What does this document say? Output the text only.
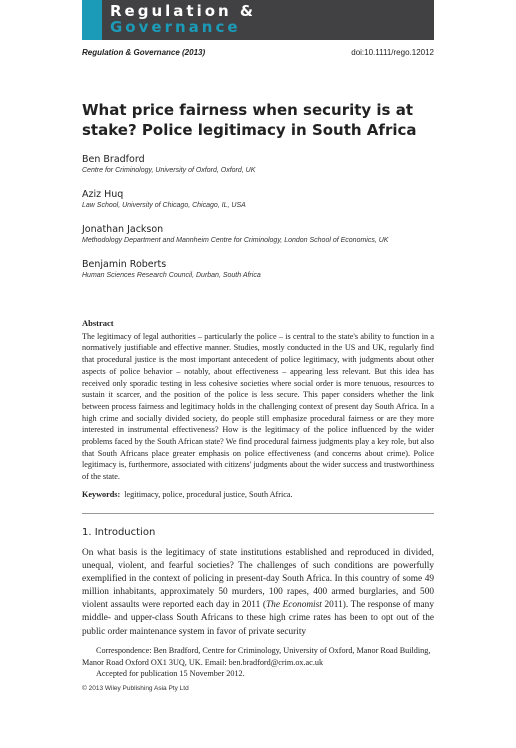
Regulation &
Governance
Regulation & Governance (2013)	doi:10.1111/rego.12012
What price fairness when security is at stake? Police legitimacy in South Africa
Ben Bradford
Centre for Criminology, University of Oxford, Oxford, UK
Aziz Huq
Law School, University of Chicago, Chicago, IL, USA
Jonathan Jackson
Methodology Department and Mannheim Centre for Criminology, London School of Economics, UK
Benjamin Roberts
Human Sciences Research Council, Durban, South Africa
Abstract
The legitimacy of legal authorities – particularly the police – is central to the state's ability to function in a normatively justifiable and effective manner. Studies, mostly conducted in the US and UK, regularly find that procedural justice is the most important antecedent of police legitimacy, with judgments about other aspects of police behavior – notably, about effectiveness – appearing less relevant. But this idea has received only sporadic testing in less cohesive societies where social order is more tenuous, resources to sustain it scarcer, and the position of the police is less secure. This paper considers whether the link between process fairness and legitimacy holds in the challenging context of present day South Africa. In a high crime and socially divided society, do people still emphasize procedural fairness or are they more interested in instrumental effectiveness? How is the legitimacy of the police influenced by the wider problems faced by the South African state? We find procedural fairness judgments play a key role, but also that South Africans place greater emphasis on police effectiveness (and concerns about crime). Police legitimacy is, furthermore, associated with citizens' judgments about the wider success and trustworthiness of the state.
Keywords: legitimacy, police, procedural justice, South Africa.
1. Introduction
On what basis is the legitimacy of state institutions established and reproduced in divided, unequal, violent, and fearful societies? The challenges of such conditions are powerfully exemplified in the context of policing in present-day South Africa. In this country of some 49 million inhabitants, approximately 50 murders, 100 rapes, 400 armed burglaries, and 500 violent assaults were reported each day in 2011 (The Economist 2011). The response of many middle- and upper-class South Africans to these high crime rates has been to opt out of the public order maintenance system in favor of private security

Correspondence: Ben Bradford, Centre for Criminology, University of Oxford, Manor Road Building, Manor Road Oxford OX1 3UQ, UK. Email: ben.bradford@crim.ox.ac.uk

Accepted for publication 15 November 2012.

© 2013 Wiley Publishing Asia Pty Ltd
